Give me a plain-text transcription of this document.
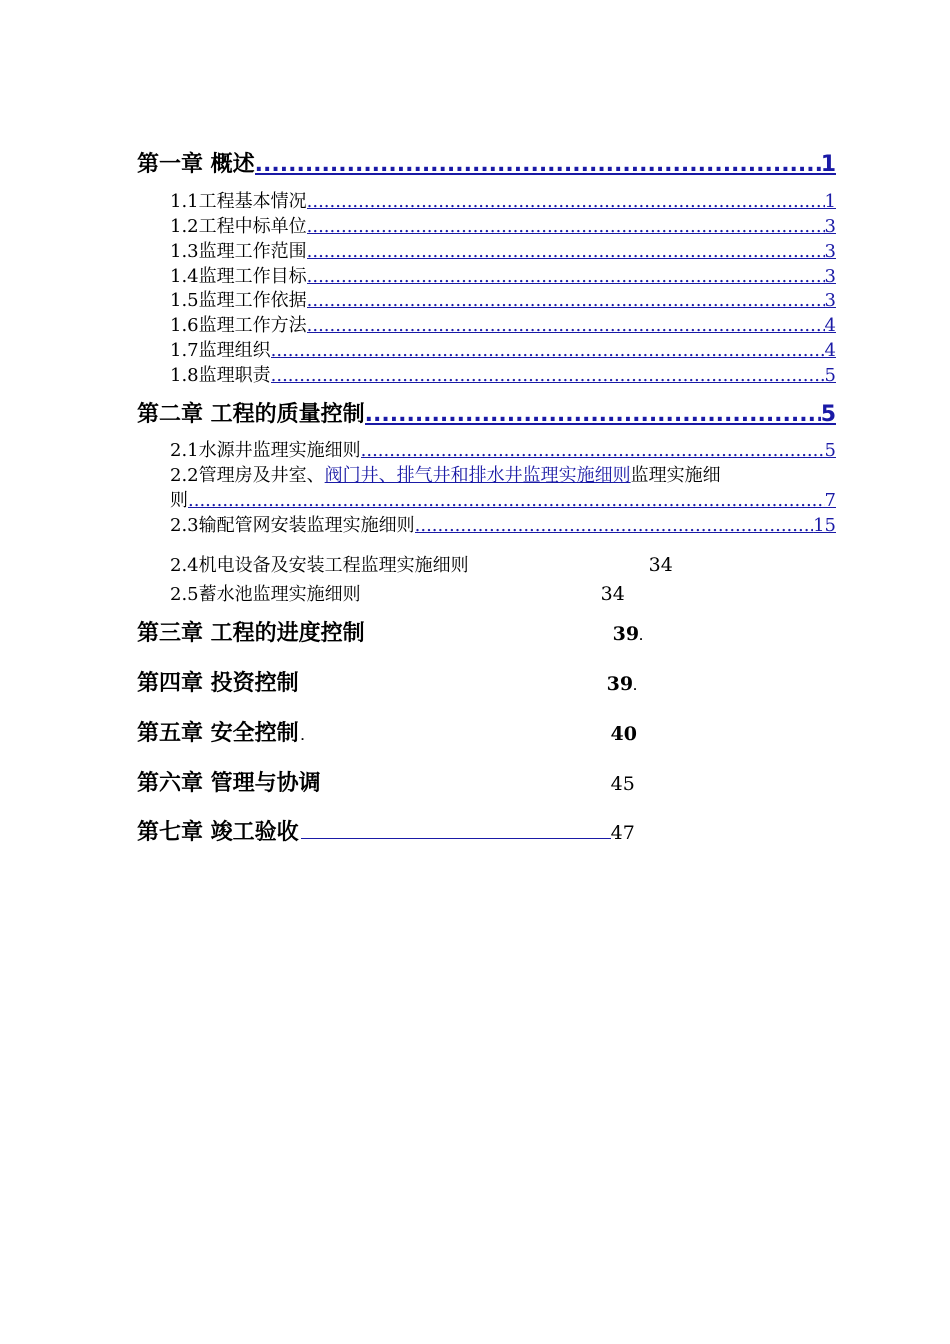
第一章 概述 .....	1
1.1工程基本情况 .....	1
1.2工程中标单位 .....	3
1.3监理工作范围 .....	3
1.4监理工作目标 .....	3
1.5监理工作依据 .....	3
1.6监理工作方法 .....	4
1.7监理组织 .....	4
1.8监理职责 .....	5
第二章 工程的质量控制 .....	5
2.1水源井监理实施细则 .....	5
2.2管理房及井室、阀门井、排气井和排水井监理实施细则监理实施细
则 .....	7
2.3输配管网安装监理实施细则 .....	15
2.4机电设备及安装工程监理实施细则 .....	34
2.5蓄水池监理实施细则 .....	34
第三章 工程的进度控制 .....	39 .
第四章 投资控制 .....	39 .
第五章 安全控制 . .....	40
第六章 管理与协调 .....	45
第七章 竣工验收 .....	47
